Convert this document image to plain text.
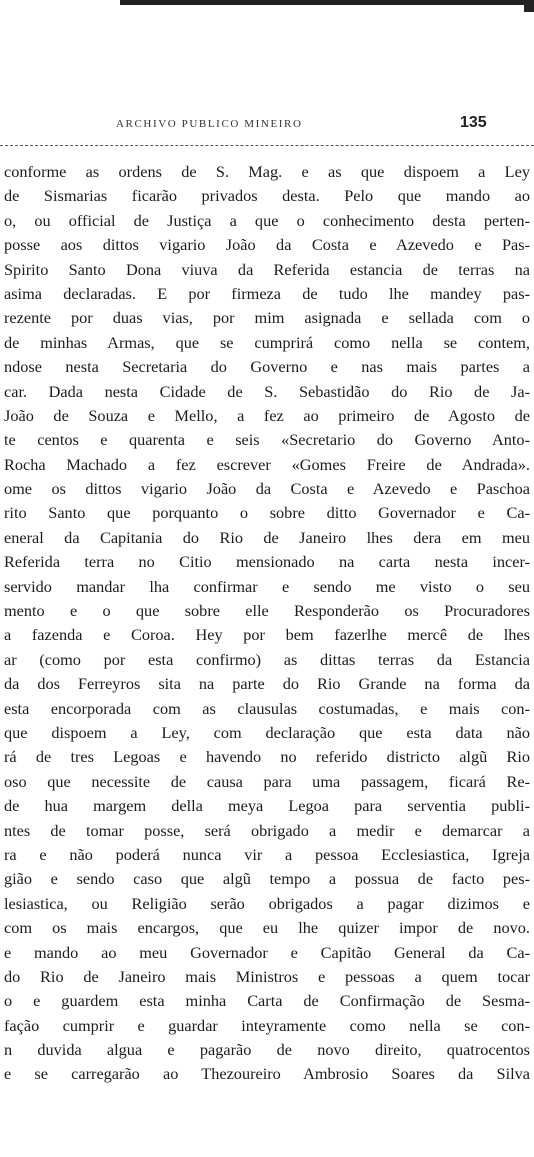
ARCHIVO PUBLICO MINEIRO	135
conforme as ordens de S. Mag. e as que dispoem a Ley
de Sismarias ficarão privados desta. Pelo que mando ao
o, ou official de Justiça a que o conhecimento desta perten-
posse aos dittos vigario João da Costa e Azevedo e Pas-
Spirito Santo Dona viuva da Referida estancia de terras na
asima declaradas. E por firmeza de tudo lhe mandey pas-
rezente por duas vias, por mim asignada e sellada com o
de minhas Armas, que se cumprirá como nella se contem,
ndose nesta Secretaria do Governo e nas mais partes a
car. Dada nesta Cidade de S. Sebastidão do Rio de Ja-
João de Souza e Mello, a fez ao primeiro de Agosto de
te centos e quarenta e seis «Secretario do Governo Anto-
Rocha Machado a fez escrever «Gomes Freire de Andrada».
ome os dittos vigario João da Costa e Azevedo e Paschoa
rito Santo que porquanto o sobre ditto Governador e Ca-
eneral da Capitania do Rio de Janeiro lhes dera em meu
Referida terra no Citio mensionado na carta nesta incer-
servido mandar lha confirmar e sendo me visto o seu
mento e o que sobre elle Responderão os Procuradores
a fazenda e Coroa. Hey por bem fazerlhe mercê de lhes
ar (como por esta confirmo) as dittas terras da Estancia
da dos Ferreyros sita na parte do Rio Grande na forma da
esta encorporada com as clausulas costumadas, e mais con-
que dispoem a Ley, com declaração que esta data não
rá de tres Legoas e havendo no referido districto algũ Rio
oso que necessite de causa para uma passagem, ficará Re-
de hua margem della meya Legoa para serventia publi-
ntes de tomar posse, será obrigado a medir e demarcar a
ra e não poderá nunca vir a pessoa Ecclesiastica, Igreja
gião e sendo caso que algũ tempo a possua de facto pes-
lesiastica, ou Religião serão obrigados a pagar dizimos e
com os mais encargos, que eu lhe quizer impor de novo.
e mando ao meu Governador e Capitão General da Ca-
do Rio de Janeiro mais Ministros e pessoas a quem tocar
o e guardem esta minha Carta de Confirmação de Sesma-
fação cumprir e guardar inteyramente como nella se con-
n duvida algua e pagarão de novo direito, quatrocentos
e se carregarão ao Thezoureiro Ambrosio Soares da Silva
